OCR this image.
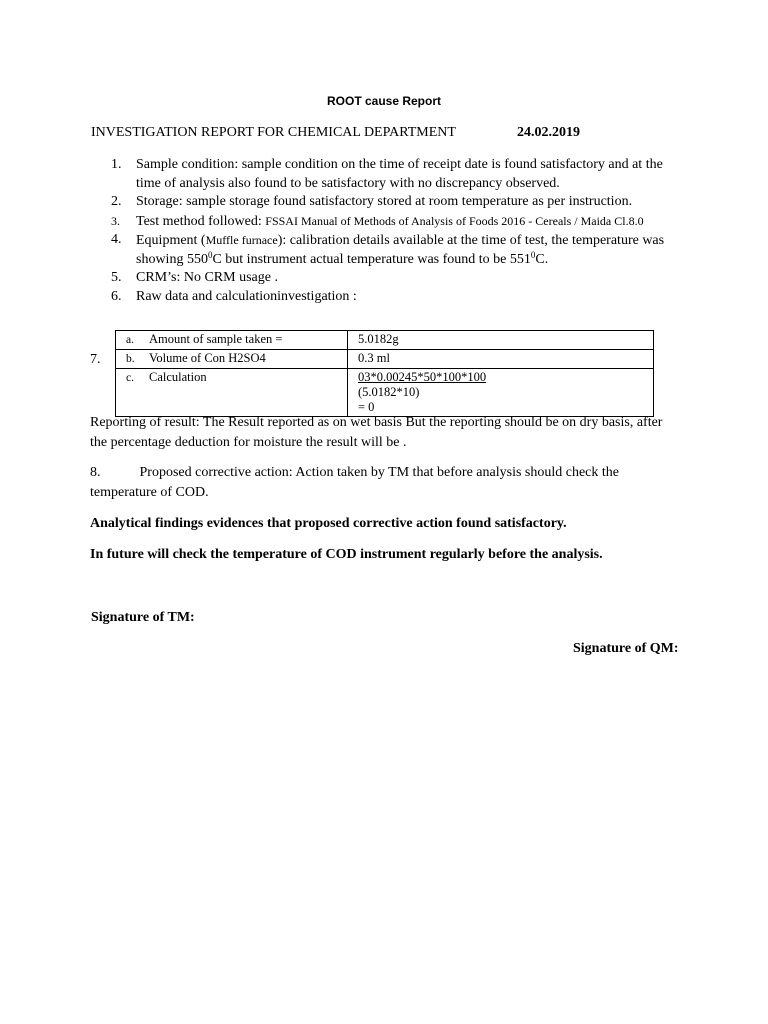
ROOT cause Report
INVESTIGATION REPORT FOR CHEMICAL DEPARTMENT	24.02.2019
1. Sample condition: sample condition on the time of receipt date is found satisfactory and at the time of analysis also found to be satisfactory with no discrepancy observed.
2. Storage: sample storage found satisfactory stored at room temperature as per instruction.
3. Test method followed: FSSAI Manual of Methods of Analysis of Foods 2016 - Cereals / Maida Cl.8.0
4. Equipment (Muffle furnace): calibration details available at the time of test, the temperature was showing $550^0C$ but instrument actual temperature was found to be $551^0C$.
5. CRM’s: No CRM usage .
6. Raw data and calculationinvestigation :
7.
a. Amount of sample taken =	5.0182g
b. Volume of Con H2SO4	0.3 ml
c. Calculation	03*0.00245*50*100*100
(5.0182*10)
= 0
Reporting of result: The Result reported as on wet basis But the reporting should be on dry basis, after the percentage deduction for moisture the result will be .
8.	Proposed corrective action: Action taken by TM that before analysis should check the temperature of COD.
Analytical findings evidences that proposed corrective action found satisfactory.
In future will check the temperature of COD instrument regularly before the analysis.
Signature of TM:
Signature of QM:
